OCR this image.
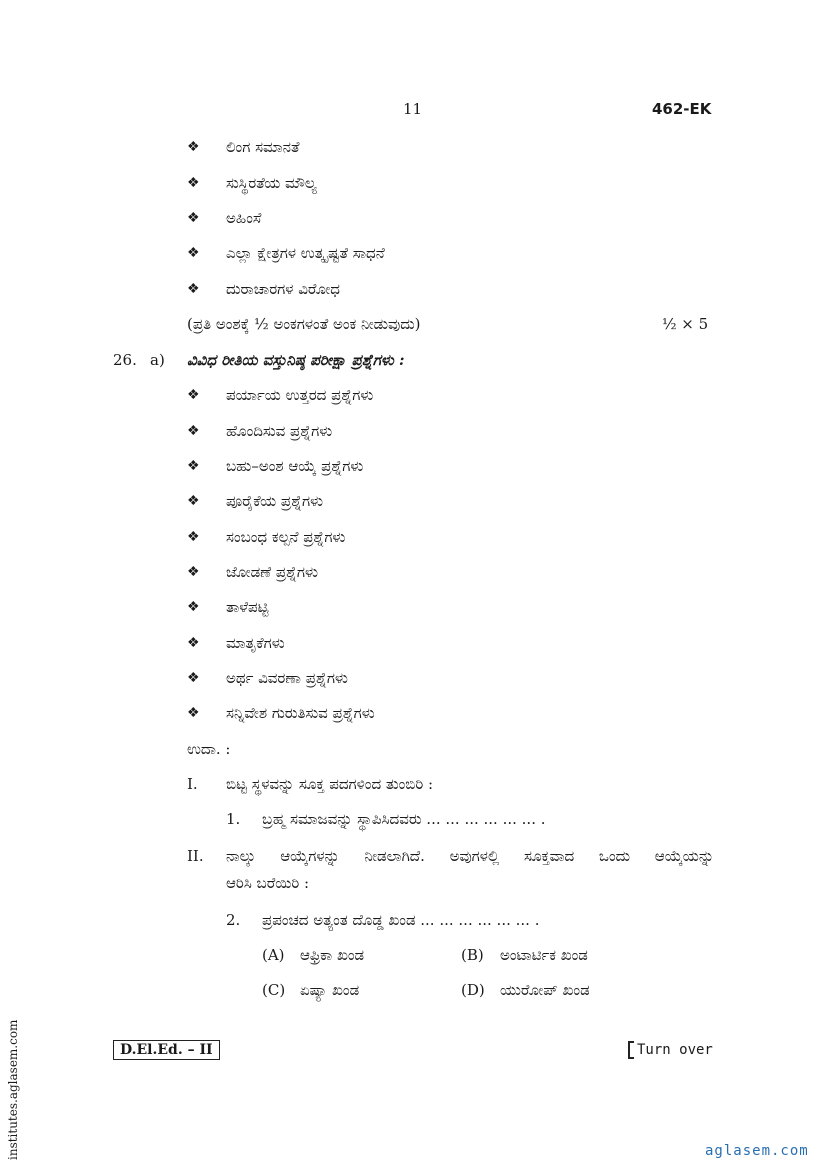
11	462-EK
❖ ಲಿಂಗ ಸಮಾನತೆ
❖ ಸುಸ್ಥಿರತೆಯ ಮೌಲ್ಯ
❖ ಅಹಿಂಸೆ
❖ ಎಲ್ಲಾ ಕ್ಷೇತ್ರಗಳ ಉತ್ಕೃಷ್ಟತೆ ಸಾಧನೆ
❖ ದುರಾಚಾರಗಳ ವಿರೋಧ
(ಪ್ರತಿ ಅಂಶಕ್ಕೆ ½ ಅಂಕಗಳಂತೆ ಅಂಕ ನೀಡುವುದು)	½ × 5
26. a) ವಿವಿಧ ರೀತಿಯ ವಸ್ತುನಿಷ್ಠ ಪರೀಕ್ಷಾ ಪ್ರಶ್ನೆಗಳು :
❖ ಪರ್ಯಾಯ ಉತ್ತರದ ಪ್ರಶ್ನೆಗಳು
❖ ಹೊಂದಿಸುವ ಪ್ರಶ್ನೆಗಳು
❖ ಬಹು–ಅಂಶ ಆಯ್ಕೆ ಪ್ರಶ್ನೆಗಳು
❖ ಪೂರೈಕೆಯ ಪ್ರಶ್ನೆಗಳು
❖ ಸಂಬಂಧ ಕಲ್ಪನೆ ಪ್ರಶ್ನೆಗಳು
❖ ಜೋಡಣೆ ಪ್ರಶ್ನೆಗಳು
❖ ತಾಳೆಪಟ್ಟಿ
❖ ಮಾತೃಕೆಗಳು
❖ ಅರ್ಥ ವಿವರಣಾ ಪ್ರಶ್ನೆಗಳು
❖ ಸನ್ನಿವೇಶ ಗುರುತಿಸುವ ಪ್ರಶ್ನೆಗಳು
ಉದಾ. :
I. ಬಿಟ್ಟ ಸ್ಥಳವನ್ನು ಸೂಕ್ತ ಪದಗಳಿಂದ ತುಂಬಿರಿ :
1. ಬ್ರಹ್ಮ ಸಮಾಜವನ್ನು ಸ್ಥಾಪಿಸಿದವರು ... ... ... ... ... ... .
II. ನಾಲ್ಕು ಆಯ್ಕೆಗಳನ್ನು ನೀಡಲಾಗಿದೆ. ಅವುಗಳಲ್ಲಿ ಸೂಕ್ತವಾದ ಒಂದು ಆಯ್ಕೆಯನ್ನು
ಆರಿಸಿ ಬರೆಯಿರಿ :
2. ಪ್ರಪಂಚದ ಅತ್ಯಂತ ದೊಡ್ಡ ಖಂಡ ... ... ... ... ... ... .
(A) ಆಫ್ರಿಕಾ ಖಂಡ	(B) ಅಂಟಾರ್ಟಿಕ ಖಂಡ
(C) ಏಷ್ಯಾ ಖಂಡ	(D) ಯುರೋಪ್ ಖಂಡ
D.El.Ed. – II	Turn over
institutes.aglasem.com	aglasem.com
